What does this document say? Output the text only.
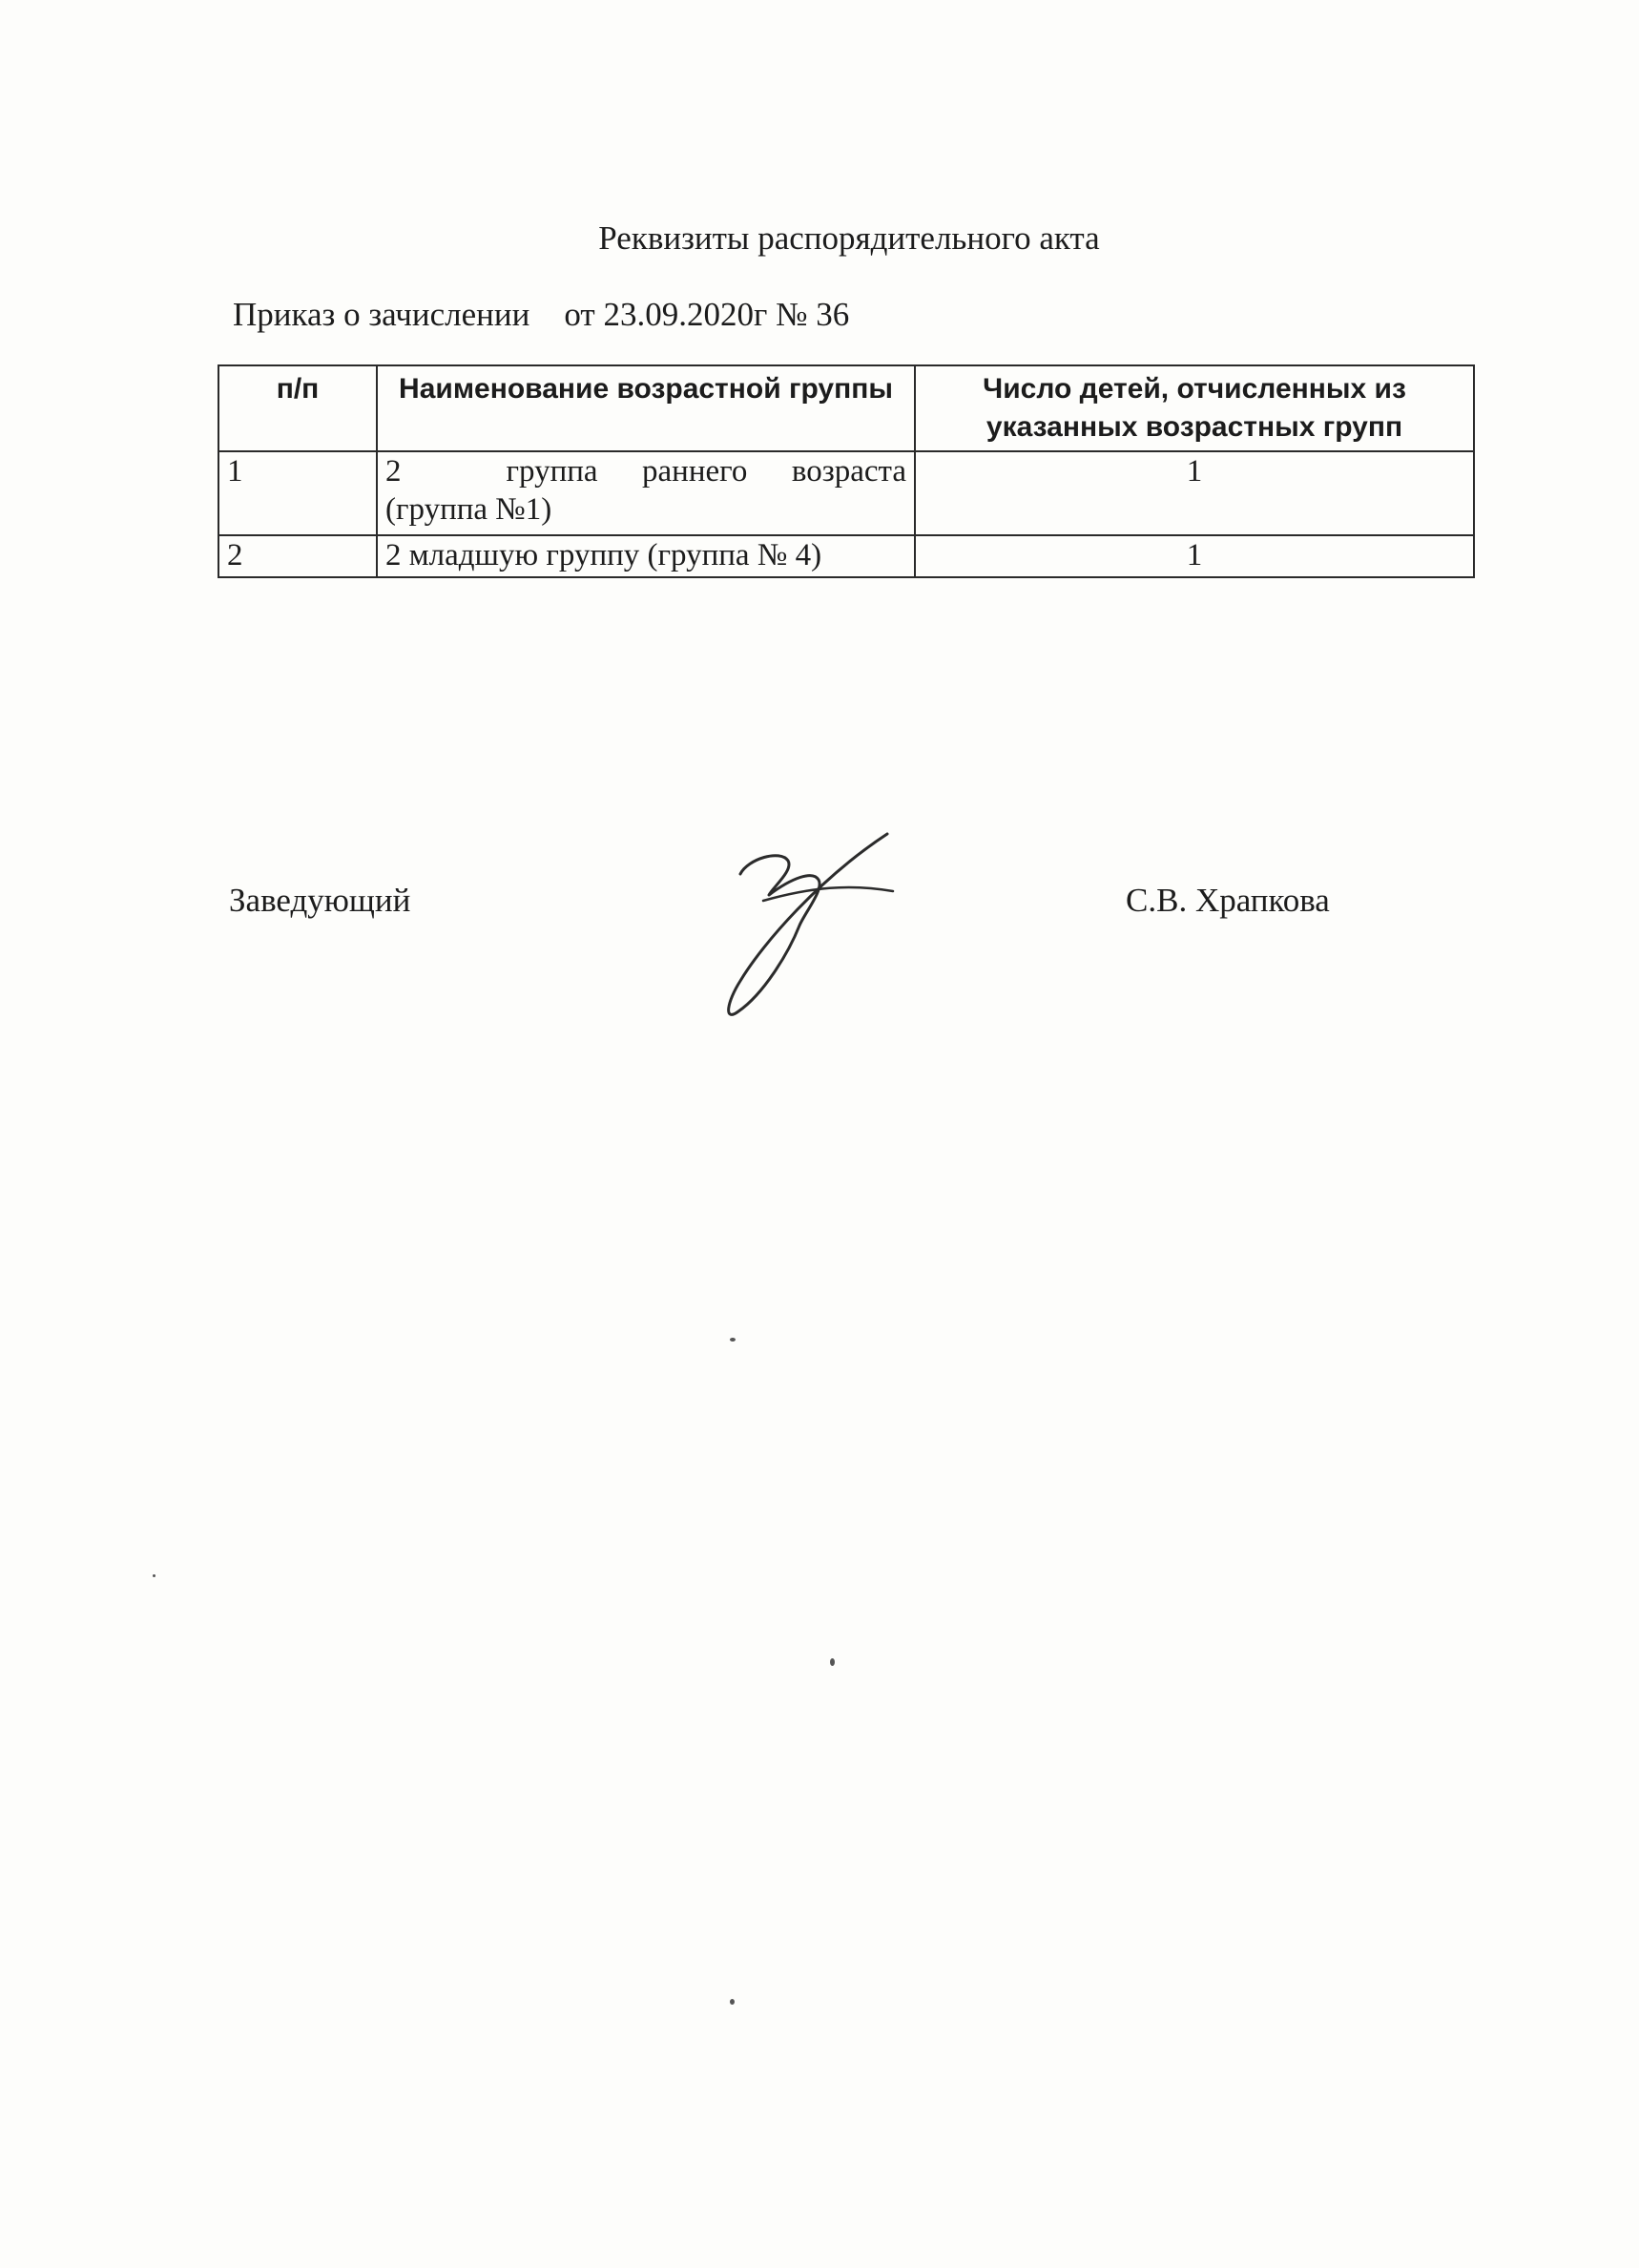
Реквизиты распорядительного акта
Приказ о зачислении от 23.09.2020г № 36
п/п	Наименование возрастной группы	Число детей, отчисленных из указанных возрастных групп
1	2 группа раннего возраста (группа №1)	1
2	2 младшую группу (группа № 4)	1
Заведующий	С.В. Храпкова
